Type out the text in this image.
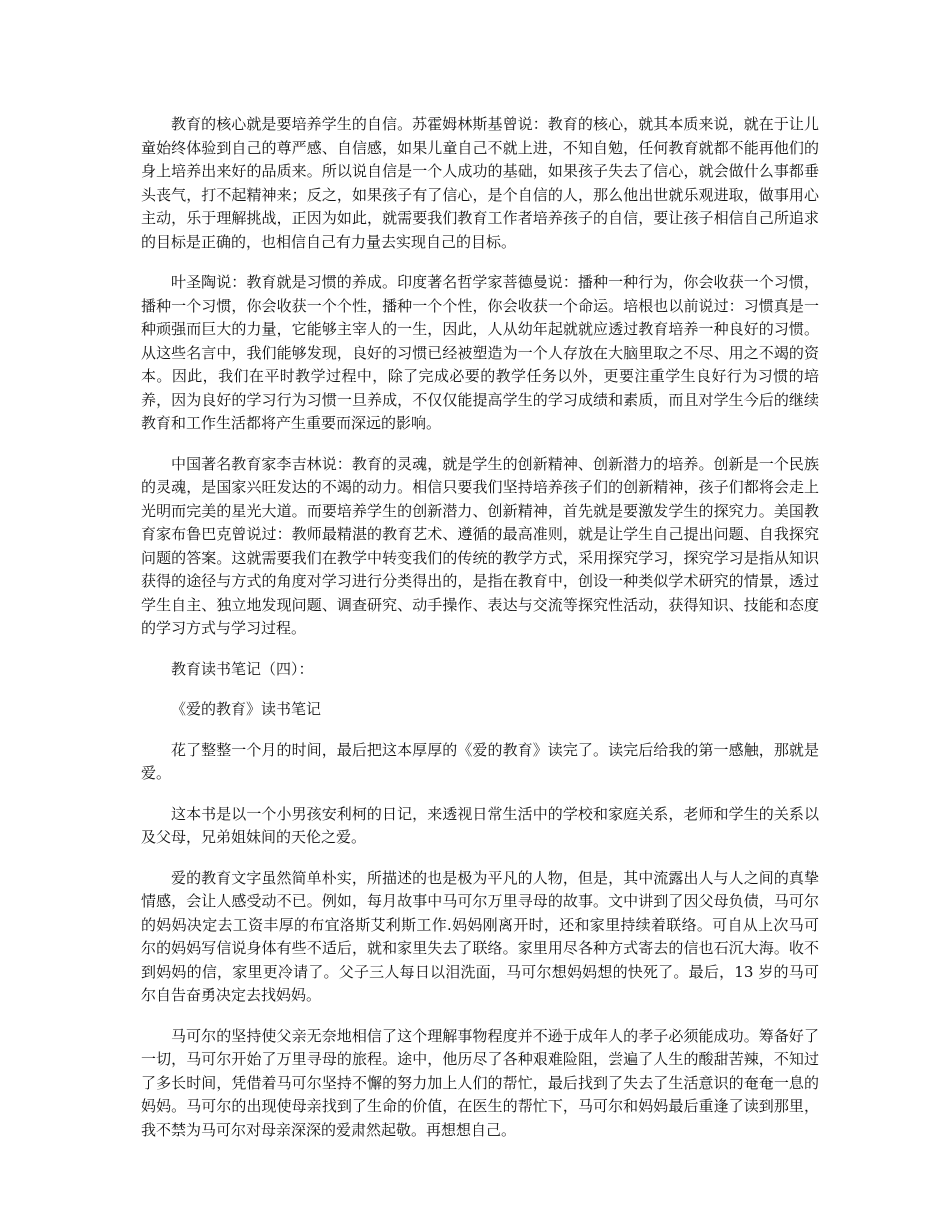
教育的核心就是要培养学生的自信。苏霍姆林斯基曾说：教育的核心，就其本质来说，就在于让儿童始终体验到自己的尊严感、自信感，如果儿童自己不就上进，不知自勉，任何教育就都不能再他们的身上培养出来好的品质来。所以说自信是一个人成功的基础，如果孩子失去了信心，就会做什么事都垂头丧气，打不起精神来；反之，如果孩子有了信心，是个自信的人，那么他出世就乐观进取，做事用心主动，乐于理解挑战，正因为如此，就需要我们教育工作者培养孩子的自信，要让孩子相信自己所追求的目标是正确的，也相信自己有力量去实现自己的目标。

叶圣陶说：教育就是习惯的养成。印度著名哲学家菩德曼说：播种一种行为，你会收获一个习惯，播种一个习惯，你会收获一个个性，播种一个个性，你会收获一个命运。培根也以前说过：习惯真是一种顽强而巨大的力量，它能够主宰人的一生，因此，人从幼年起就就应透过教育培养一种良好的习惯。从这些名言中，我们能够发现，良好的习惯已经被塑造为一个人存放在大脑里取之不尽、用之不竭的资本。因此，我们在平时教学过程中，除了完成必要的教学任务以外，更要注重学生良好行为习惯的培养，因为良好的学习行为习惯一旦养成，不仅仅能提高学生的学习成绩和素质，而且对学生今后的继续教育和工作生活都将产生重要而深远的影响。

中国著名教育家李吉林说：教育的灵魂，就是学生的创新精神、创新潜力的培养。创新是一个民族的灵魂，是国家兴旺发达的不竭的动力。相信只要我们坚持培养孩子们的创新精神，孩子们都将会走上光明而完美的星光大道。而要培养学生的创新潜力、创新精神，首先就是要激发学生的探究力。美国教育家布鲁巴克曾说过：教师最精湛的教育艺术、遵循的最高准则，就是让学生自己提出问题、自我探究问题的答案。这就需要我们在教学中转变我们的传统的教学方式，采用探究学习，探究学习是指从知识获得的途径与方式的角度对学习进行分类得出的，是指在教育中，创设一种类似学术研究的情景，透过学生自主、独立地发现问题、调查研究、动手操作、表达与交流等探究性活动，获得知识、技能和态度的学习方式与学习过程。

教育读书笔记（四）：

《爱的教育》读书笔记

花了整整一个月的时间，最后把这本厚厚的《爱的教育》读完了。读完后给我的第一感触，那就是爱。

这本书是以一个小男孩安利柯的日记，来透视日常生活中的学校和家庭关系，老师和学生的关系以及父母，兄弟姐妹间的天伦之爱。

爱的教育文字虽然简单朴实，所描述的也是极为平凡的人物，但是，其中流露出人与人之间的真挚情感，会让人感受动不已。例如，每月故事中马可尔万里寻母的故事。文中讲到了因父母负债，马可尔的妈妈决定去工资丰厚的布宜洛斯艾利斯工作.妈妈刚离开时，还和家里持续着联络。可自从上次马可尔的妈妈写信说身体有些不适后，就和家里失去了联络。家里用尽各种方式寄去的信也石沉大海。收不到妈妈的信，家里更冷请了。父子三人每日以泪洗面，马可尔想妈妈想的快死了。最后，13 岁的马可尔自告奋勇决定去找妈妈。

马可尔的坚持使父亲无奈地相信了这个理解事物程度并不逊于成年人的孝子必须能成功。筹备好了一切，马可尔开始了万里寻母的旅程。途中，他历尽了各种艰难险阻，尝遍了人生的酸甜苦辣，不知过了多长时间，凭借着马可尔坚持不懈的努力加上人们的帮忙，最后找到了失去了生活意识的奄奄一息的妈妈。马可尔的出现使母亲找到了生命的价值，在医生的帮忙下，马可尔和妈妈最后重逢了读到那里，我不禁为马可尔对母亲深深的爱肃然起敬。再想想自己。
